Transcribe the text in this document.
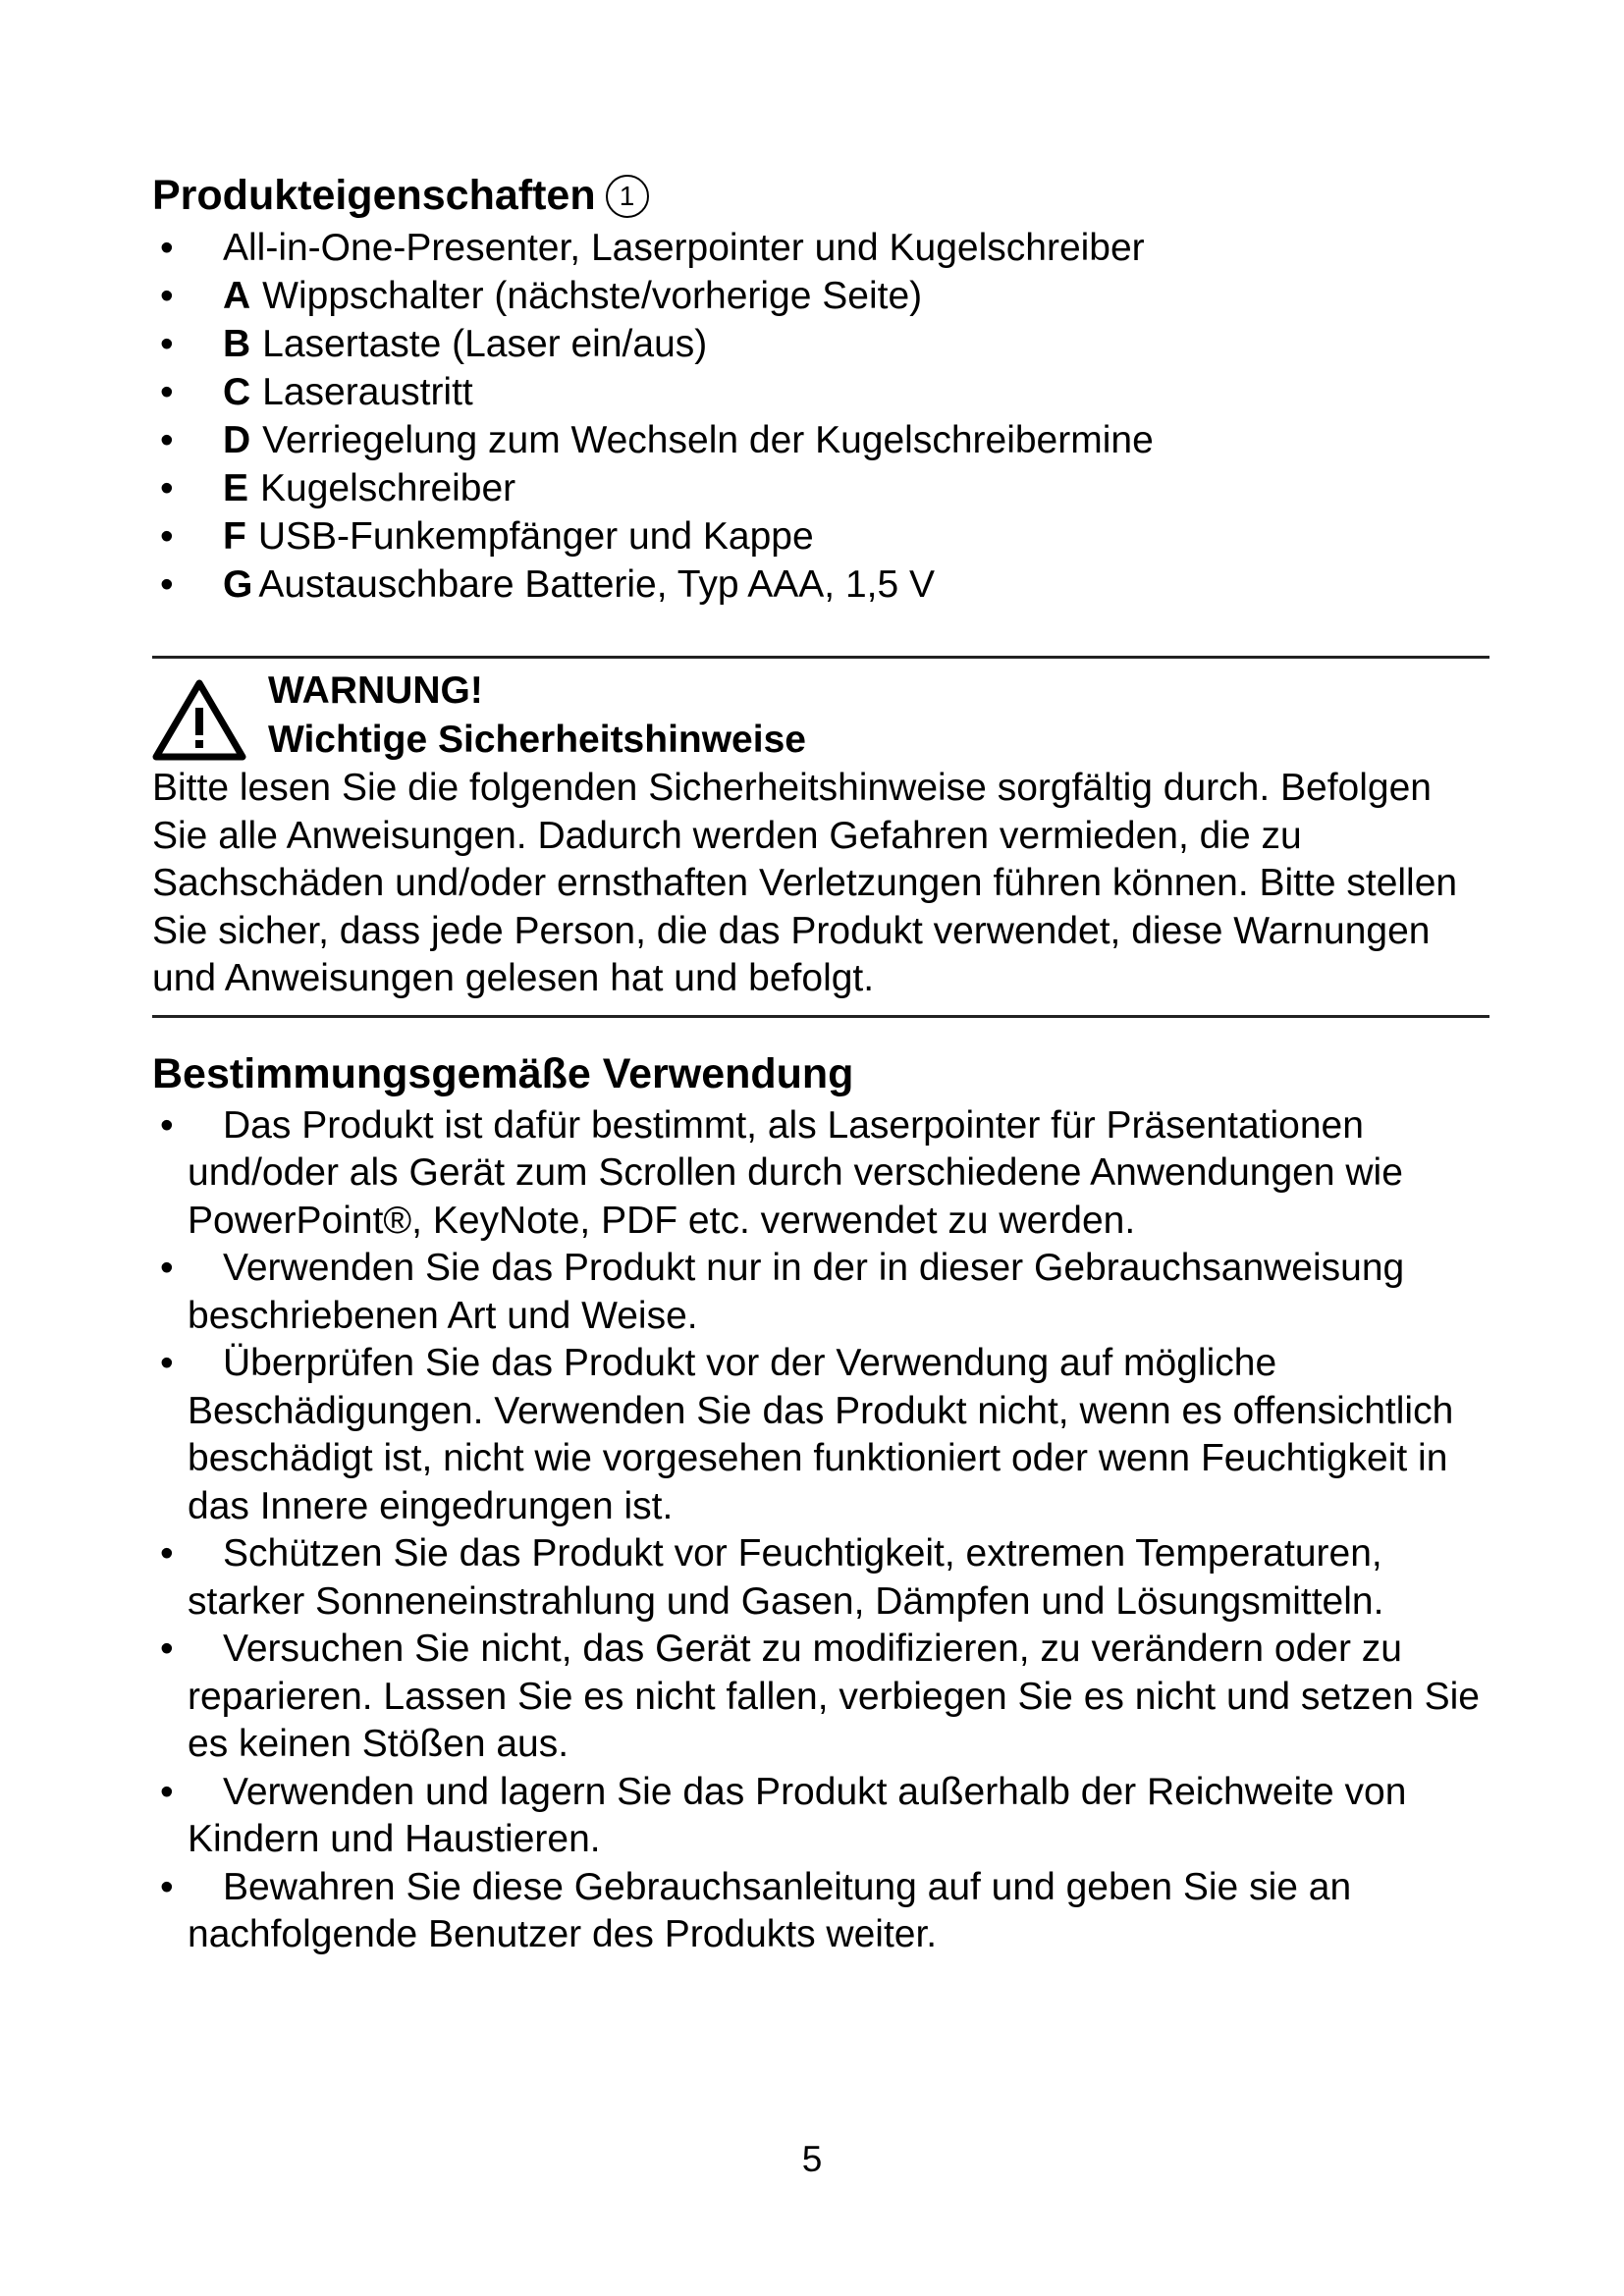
Produkteigenschaften 1
• All-in-One-Presenter, Laserpointer und Kugelschreiber
• A Wippschalter (nächste/vorherige Seite)
• B Lasertaste (Laser ein/aus)
• C Laseraustritt
• D Verriegelung zum Wechseln der Kugelschreibermine
• E Kugelschreiber
• F USB-Funkempfänger und Kappe
• G Austauschbare Batterie, Typ AAA, 1,5 V
WARNUNG!
Wichtige Sicherheitshinweise

Bitte lesen Sie die folgenden Sicherheitshinweise sorgfältig durch. Befolgen Sie alle Anweisungen. Dadurch werden Gefahren vermieden, die zu Sachschäden und/oder ernsthaften Verletzungen führen können. Bitte stellen Sie sicher, dass jede Person, die das Produkt verwendet, diese Warnungen und Anweisungen gelesen hat und befolgt.

Bestimmungsgemäße Verwendung
• Das Produkt ist dafür bestimmt, als Laserpointer für Präsentationen und/oder als Gerät zum Scrollen durch verschiedene Anwendungen wie PowerPoint®, KeyNote, PDF etc. verwendet zu werden.
• Verwenden Sie das Produkt nur in der in dieser Gebrauchsanweisung beschriebenen Art und Weise.
• Überprüfen Sie das Produkt vor der Verwendung auf mögliche Beschädigungen. Verwenden Sie das Produkt nicht, wenn es offensichtlich beschädigt ist, nicht wie vorgesehen funktioniert oder wenn Feuchtigkeit in das Innere eingedrungen ist.
• Schützen Sie das Produkt vor Feuchtigkeit, extremen Temperaturen, starker Sonneneinstrahlung und Gasen, Dämpfen und Lösungsmitteln.
• Versuchen Sie nicht, das Gerät zu modifizieren, zu verändern oder zu reparieren. Lassen Sie es nicht fallen, verbiegen Sie es nicht und setzen Sie es keinen Stößen aus.
• Verwenden und lagern Sie das Produkt außerhalb der Reichweite von Kindern und Haustieren.
• Bewahren Sie diese Gebrauchsanleitung auf und geben Sie sie an nachfolgende Benutzer des Produkts weiter.
5
